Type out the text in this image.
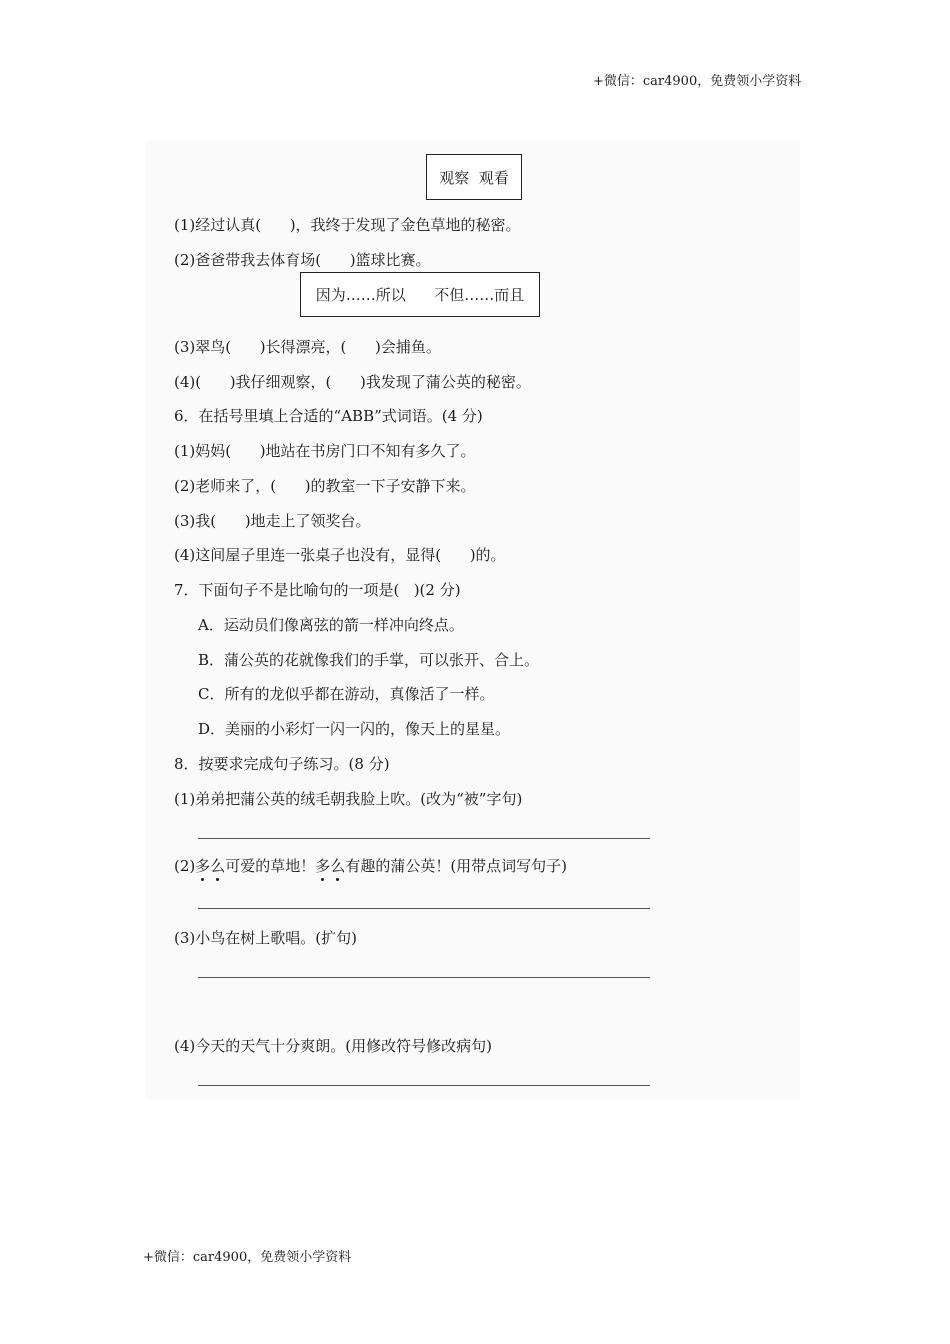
+微信：car4900，免费领小学资料
观察  观看
(1)经过认真(      )，我终于发现了金色草地的秘密。
(2)爸爸带我去体育场(      )篮球比赛。
因为……所以      不但……而且
(3)翠鸟(      )长得漂亮，(      )会捕鱼。
(4)(      )我仔细观察，(      )我发现了蒲公英的秘密。
6．在括号里填上合适的“ABB”式词语。(4 分)
(1)妈妈(      )地站在书房门口不知有多久了。
(2)老师来了，(      )的教室一下子安静下来。
(3)我(      )地走上了领奖台。
(4)这间屋子里连一张桌子也没有，显得(      )的。
7．下面句子不是比喻句的一项是(   )(2 分)
A．运动员们像离弦的箭一样冲向终点。
B．蒲公英的花就像我们的手掌，可以张开、合上。
C．所有的龙似乎都在游动，真像活了一样。
D．美丽的小彩灯一闪一闪的，像天上的星星。
8．按要求完成句子练习。(8 分)
(1)弟弟把蒲公英的绒毛朝我脸上吹。(改为“被”字句)
(2)多么可爱的草地！多么有趣的蒲公英！(用带点词写句子)
(3)小鸟在树上歌唱。(扩句)
(4)今天的天气十分爽朗。(用修改符号修改病句)
+微信：car4900，免费领小学资料
